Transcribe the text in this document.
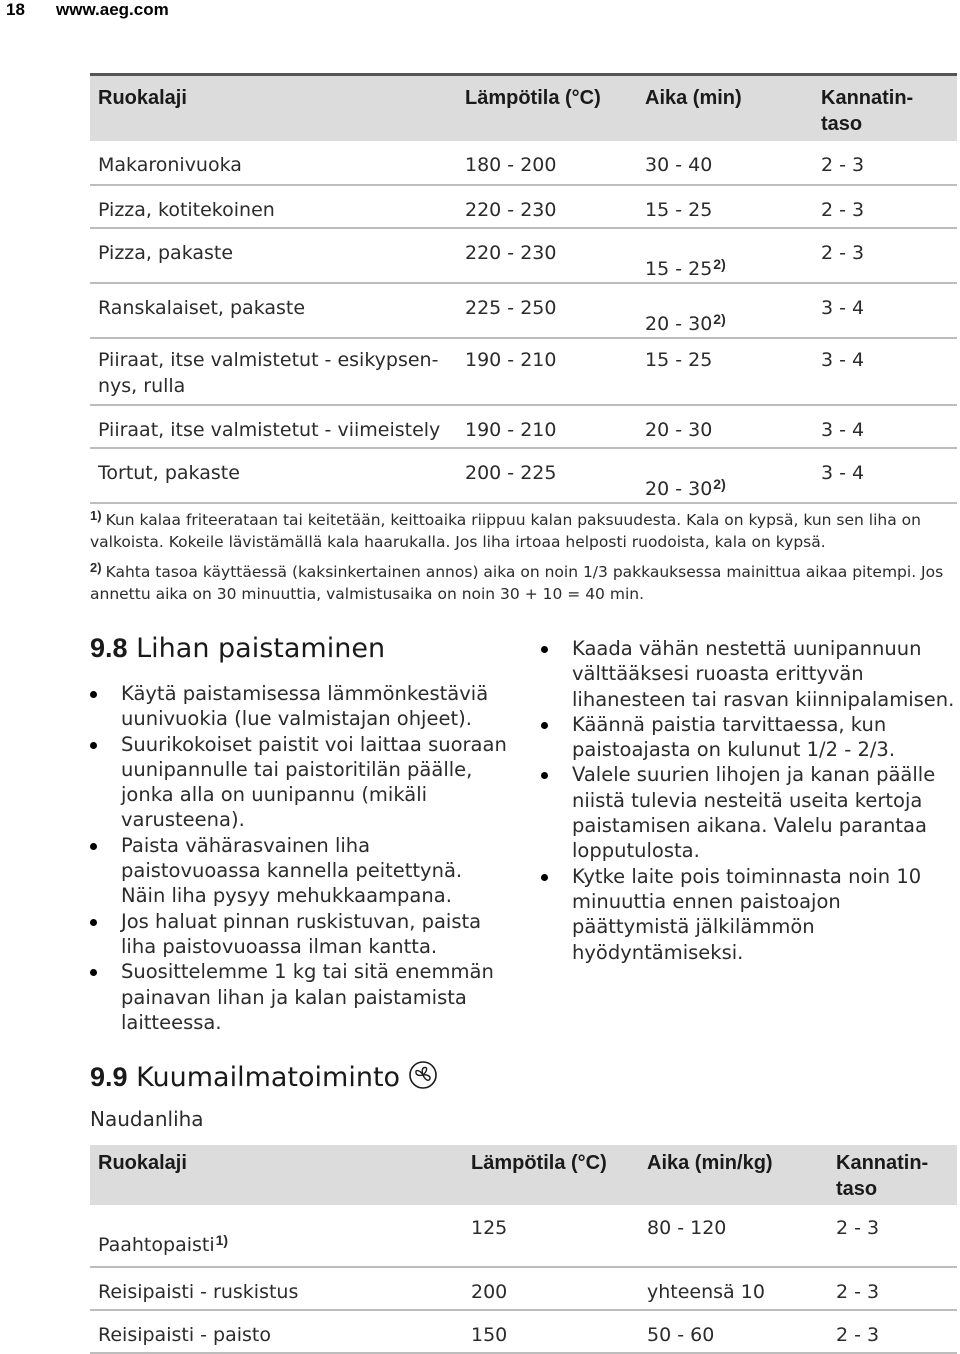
18 www.aeg.com
Ruokalaji	Lämpötila (°C)	Aika (min)	Kannatin-
taso
Makaronivuoka	180 - 200	30 - 40	2 - 3
Pizza, kotitekoinen	220 - 230	15 - 25	2 - 3
Pizza, pakaste	220 - 230	15 - 25$^{2)}$	2 - 3
Ranskalaiset, pakaste	225 - 250	20 - 30$^{2)}$	3 - 4
Piiraat, itse valmistetut - esikypsen-
nys, rulla	190 - 210	15 - 25	3 - 4
Piiraat, itse valmistetut - viimeistely	190 - 210	20 - 30	3 - 4
Tortut, pakaste	200 - 225	20 - 30$^{2)}$	3 - 4

$^{1)}$ Kun kalaa friteerataan tai keitetään, keittoaika riippuu kalan paksuudesta. Kala on kypsä, kun sen liha on valkoista. Kokeile lävistämällä kala haarukalla. Jos liha irtoaa helposti ruodoista, kala on kypsä.

$^{2)}$ Kahta tasoa käyttäessä (kaksinkertainen annos) aika on noin 1/3 pakkauksessa mainittua aikaa pitempi. Jos annettu aika on 30 minuuttia, valmistusaika on noin 30 + 10 = 40 min.

9.8 Lihan paistaminen
Käytä paistamisessa lämmönkestäviä uunivuokia (lue valmistajan ohjeet).
Suurikokoiset paistit voi laittaa suoraan uunipannulle tai paistoritilän päälle, jonka alla on uunipannu (mikäli varusteena).
Paista vähärasvainen liha paistovuoassa kannella peitettynä. Näin liha pysyy mehukkaampana.
Jos haluat pinnan ruskistuvan, paista liha paistovuoassa ilman kantta.
Suosittelemme 1 kg tai sitä enemmän painavan lihan ja kalan paistamista laitteessa.
Kaada vähän nestettä uunipannuun välttääksesi ruoasta erittyvän lihanesteen tai rasvan kiinnipalamisen.
Käännä paistia tarvittaessa, kun paistoajasta on kulunut 1/2 - 2/3.
Valele suurien lihojen ja kanan päälle niistä tulevia nesteitä useita kertoja paistamisen aikana. Valelu parantaa lopputulosta.
Kytke laite pois toiminnasta noin 10 minuuttia ennen paistoajon päättymistä jälkilämmön hyödyntämiseksi.
9.9 Kuumailmatoiminto
Naudanliha
Ruokalaji	Lämpötila (°C)	Aika (min/kg)	Kannatin-
taso
Paahtopaisti$^{1)}$	125	80 - 120	2 - 3
Reisipaisti - ruskistus	200	yhteensä 10	2 - 3
Reisipaisti - paisto	150	50 - 60	2 - 3
